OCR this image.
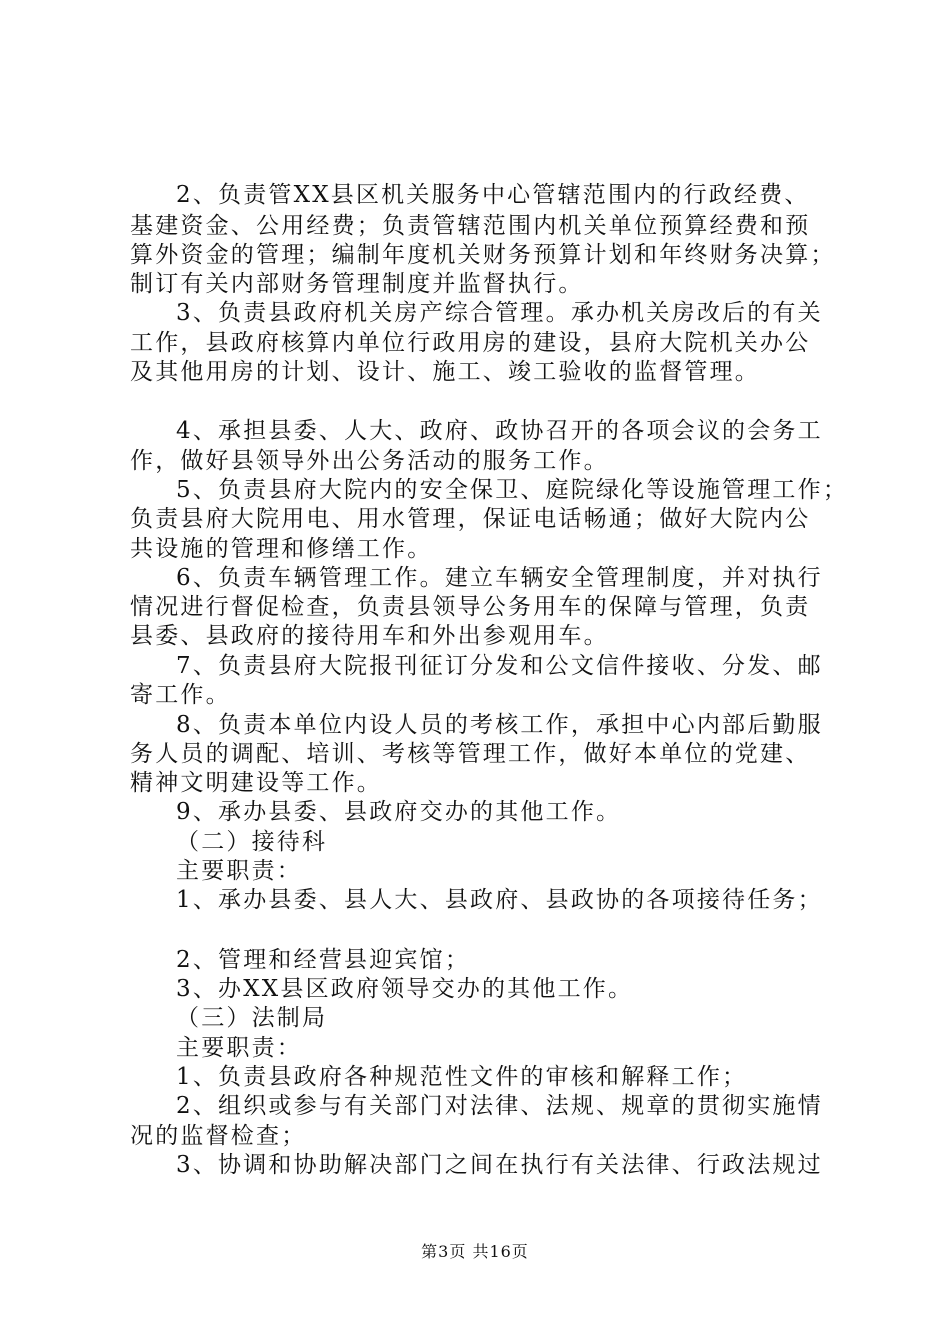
2、负责管XX县区机关服务中心管辖范围内的行政经费、
基建资金、公用经费；负责管辖范围内机关单位预算经费和预
算外资金的管理；编制年度机关财务预算计划和年终财务决算；
制订有关内部财务管理制度并监督执行。
3、负责县政府机关房产综合管理。承办机关房改后的有关
工作，县政府核算内单位行政用房的建设，县府大院机关办公
及其他用房的计划、设计、施工、竣工验收的监督管理。
4、承担县委、人大、政府、政协召开的各项会议的会务工
作，做好县领导外出公务活动的服务工作。
5、负责县府大院内的安全保卫、庭院绿化等设施管理工作；
负责县府大院用电、用水管理，保证电话畅通；做好大院内公
共设施的管理和修缮工作。
6、负责车辆管理工作。建立车辆安全管理制度，并对执行
情况进行督促检查，负责县领导公务用车的保障与管理，负责
县委、县政府的接待用车和外出参观用车。
7、负责县府大院报刊征订分发和公文信件接收、分发、邮
寄工作。
8、负责本单位内设人员的考核工作，承担中心内部后勤服
务人员的调配、培训、考核等管理工作，做好本单位的党建、
精神文明建设等工作。
9、承办县委、县政府交办的其他工作。
（二）接待科
主要职责：
1、承办县委、县人大、县政府、县政协的各项接待任务；
2、管理和经营县迎宾馆；
3、办XX县区政府领导交办的其他工作。
（三）法制局
主要职责：
1、负责县政府各种规范性文件的审核和解释工作；
2、组织或参与有关部门对法律、法规、规章的贯彻实施情
况的监督检查；
3、协调和协助解决部门之间在执行有关法律、行政法规过
第3页 共16页
